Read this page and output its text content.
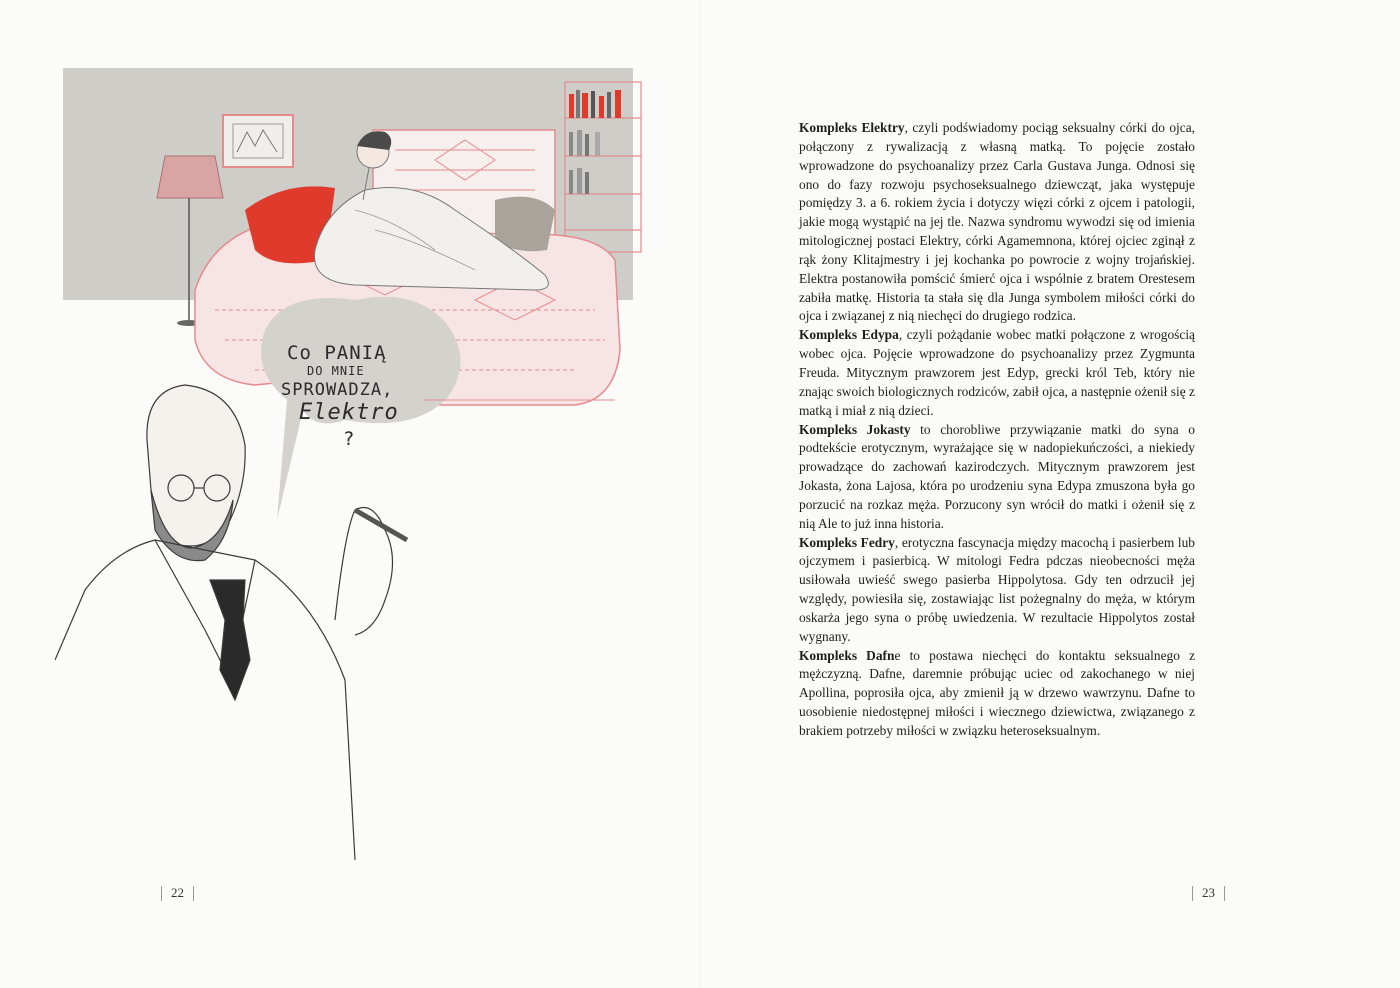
Co PANIĄ
DO MNIE
SPROWADZA,
Elektro
?

Kompleks Elektry, czyli podświadomy pociąg seksualny córki do ojca, połączony z rywalizacją z własną matką. To pojęcie zostało wprowadzone do psychoanalizy przez Carla Gustava Junga. Odnosi się ono do fazy rozwoju psychoseksualnego dziewcząt, jaka występuje pomiędzy 3. a 6. rokiem życia i dotyczy więzi córki z ojcem i patologii, jakie mogą wystąpić na jej tle. Nazwa syndromu wywodzi się od imienia mitologicznej postaci Elektry, córki Agamemnona, której ojciec zginął z rąk żony Klitajmestry i jej kochanka po powrocie z wojny trojańskiej. Elektra postanowiła pomścić śmierć ojca i wspólnie z bratem Orestesem zabiła matkę. Historia ta stała się dla Junga symbolem miłości córki do ojca i związanej z nią niechęci do drugiego rodzica.

Kompleks Edypa, czyli pożądanie wobec matki połączone z wrogością wobec ojca. Pojęcie wprowadzone do psychoanalizy przez Zygmunta Freuda. Mitycznym prawzorem jest Edyp, grecki król Teb, który nie znając swoich biologicznych rodziców, zabił ojca, a następnie ożenił się z matką i miał z nią dzieci.

Kompleks Jokasty to chorobliwe przywiązanie matki do syna o podtekście erotycznym, wyrażające się w nadopiekuńczości, a niekiedy prowadzące do zachowań kazirodczych. Mitycznym prawzorem jest Jokasta, żona Lajosa, która po urodzeniu syna Edypa zmuszona była go porzucić na rozkaz męża. Porzucony syn wrócił do matki i ożenił się z nią Ale to już inna historia.

Kompleks Fedry, erotyczna fascynacja między macochą i pasierbem lub ojczymem i pasierbicą. W mitologi Fedra pdczas nieobecności męża usiłowała uwieść swego pasierba Hippolytosa. Gdy ten odrzucił jej względy, powiesiła się, zostawiając list pożegnalny do męża, w którym oskarża jego syna o próbę uwiedzenia. W rezultacie Hippolytos został wygnany.

Kompleks Dafne to postawa niechęci do kontaktu seksualnego z mężczyzną. Dafne, daremnie próbując uciec od zakochanego w niej Apollina, poprosiła ojca, aby zmienił ją w drzewo wawrzynu. Dafne to uosobienie niedostępnej miłości i wiecznego dziewictwa, związanego z brakiem potrzeby miłości w związku heteroseksualnym.

22	23
